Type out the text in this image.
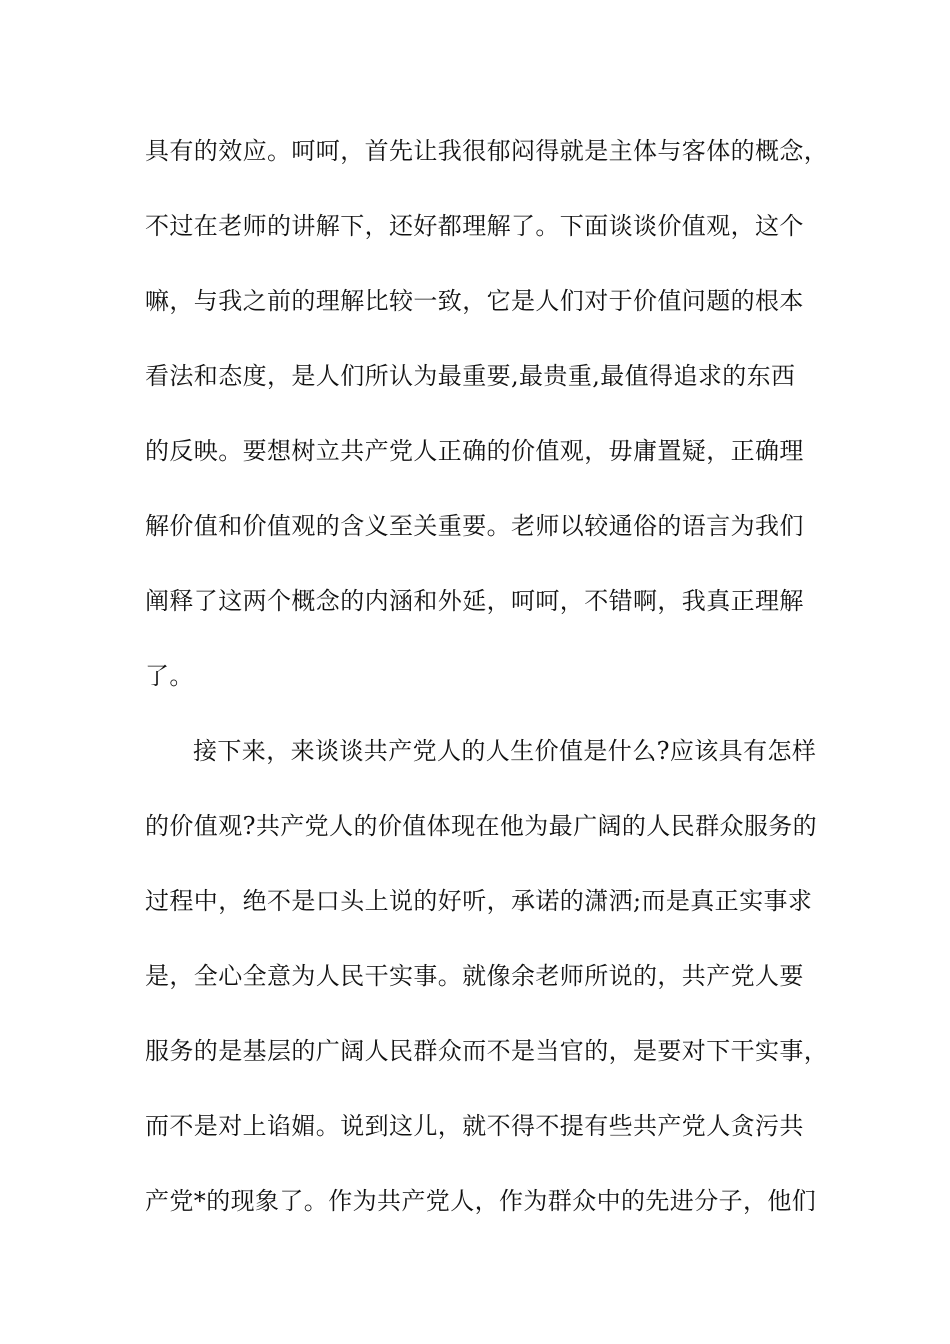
具有的效应。呵呵，首先让我很郁闷得就是主体与客体的概念，
不过在老师的讲解下，还好都理解了。下面谈谈价值观，这个
嘛，与我之前的理解比较一致，它是人们对于价值问题的根本
看法和态度，是人们所认为最重要,最贵重,最值得追求的东西
的反映。要想树立共产党人正确的价值观，毋庸置疑，正确理
解价值和价值观的含义至关重要。老师以较通俗的语言为我们
阐释了这两个概念的内涵和外延，呵呵，不错啊，我真正理解
了。
接下来，来谈谈共产党人的人生价值是什么?应该具有怎样
的价值观?共产党人的价值体现在他为最广阔的人民群众服务的
过程中，绝不是口头上说的好听，承诺的潇洒;而是真正实事求
是，全心全意为人民干实事。就像余老师所说的，共产党人要
服务的是基层的广阔人民群众而不是当官的，是要对下干实事，
而不是对上谄媚。说到这儿，就不得不提有些共产党人贪污共
产党*的现象了。作为共产党人，作为群众中的先进分子，他们
